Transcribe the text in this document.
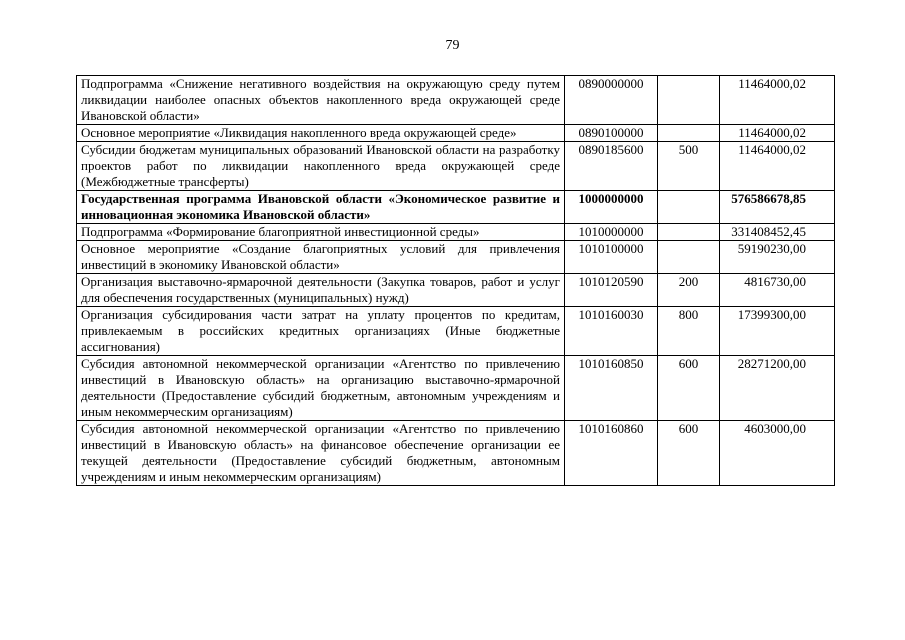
79
Подпрограмма «Снижение негативного воздействия на окружающую среду путем ликвидации наиболее опасных объектов накопленного вреда окружающей среде Ивановской области»	0890000000		11464000,02
Основное мероприятие «Ликвидация накопленного вреда окружающей среде»	0890100000		11464000,02
Субсидии бюджетам муниципальных образований Ивановской области на разработку проектов работ по ликвидации накопленного вреда окружающей среде (Межбюджетные трансферты)	0890185600	500	11464000,02
Государственная программа Ивановской области «Экономическое развитие и инновационная экономика Ивановской области»	1000000000		576586678,85
Подпрограмма «Формирование благоприятной инвестиционной среды»	1010000000		331408452,45
Основное мероприятие «Создание благоприятных условий для привлечения инвестиций в экономику Ивановской области»	1010100000		59190230,00
Организация выставочно-ярмарочной деятельности (Закупка товаров, работ и услуг для обеспечения государственных (муниципальных) нужд)	1010120590	200	4816730,00
Организация субсидирования части затрат на уплату процентов по кредитам, привлекаемым в российских кредитных организациях (Иные бюджетные ассигнования)	1010160030	800	17399300,00
Субсидия автономной некоммерческой организации «Агентство по привлечению инвестиций в Ивановскую область» на организацию выставочно-ярмарочной деятельности (Предоставление субсидий бюджетным, автономным учреждениям и иным некоммерческим организациям)	1010160850	600	28271200,00
Субсидия автономной некоммерческой организации «Агентство по привлечению инвестиций в Ивановскую область» на финансовое обеспечение организации ее текущей деятельности (Предоставление субсидий бюджетным, автономным учреждениям и иным некоммерческим организациям)	1010160860	600	4603000,00
